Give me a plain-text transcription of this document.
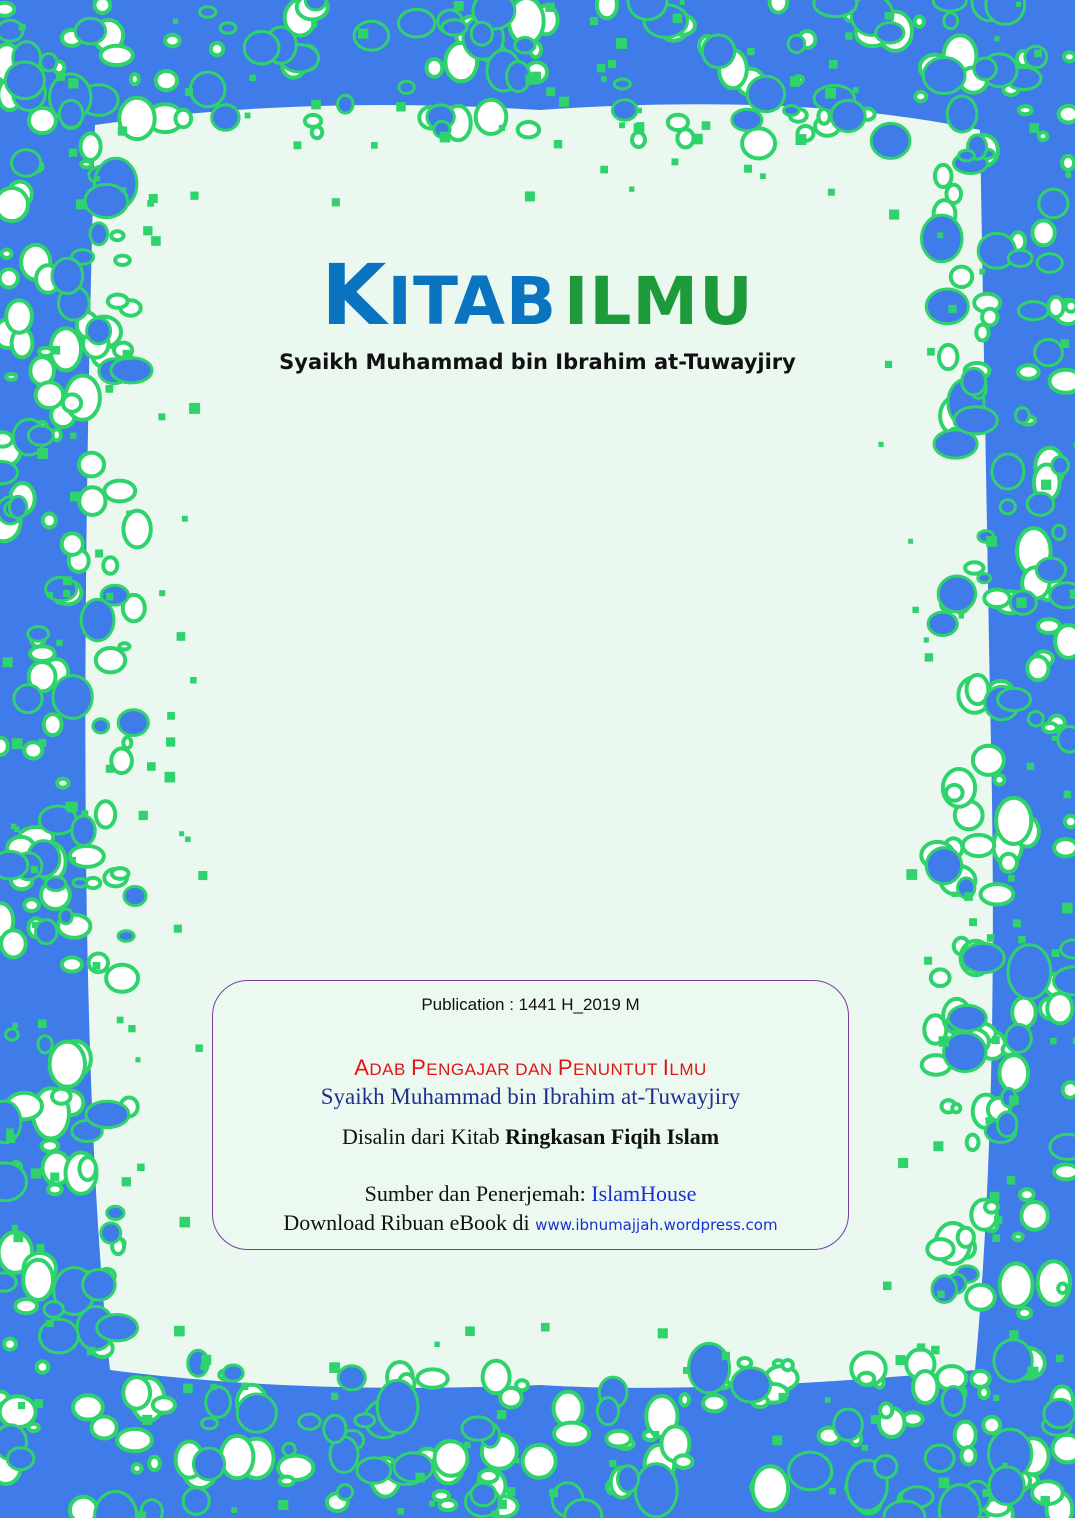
KITAB ILMU
Syaikh Muhammad bin Ibrahim at-Tuwayjiry
Publication : 1441 H_2019 M
ADAB PENGAJAR DAN PENUNTUT ILMU
Syaikh Muhammad bin Ibrahim at-Tuwayjiry
Disalin dari Kitab Ringkasan Fiqih Islam
Sumber dan Penerjemah: IslamHouse
Download Ribuan eBook di www.ibnumajjah.wordpress.com
